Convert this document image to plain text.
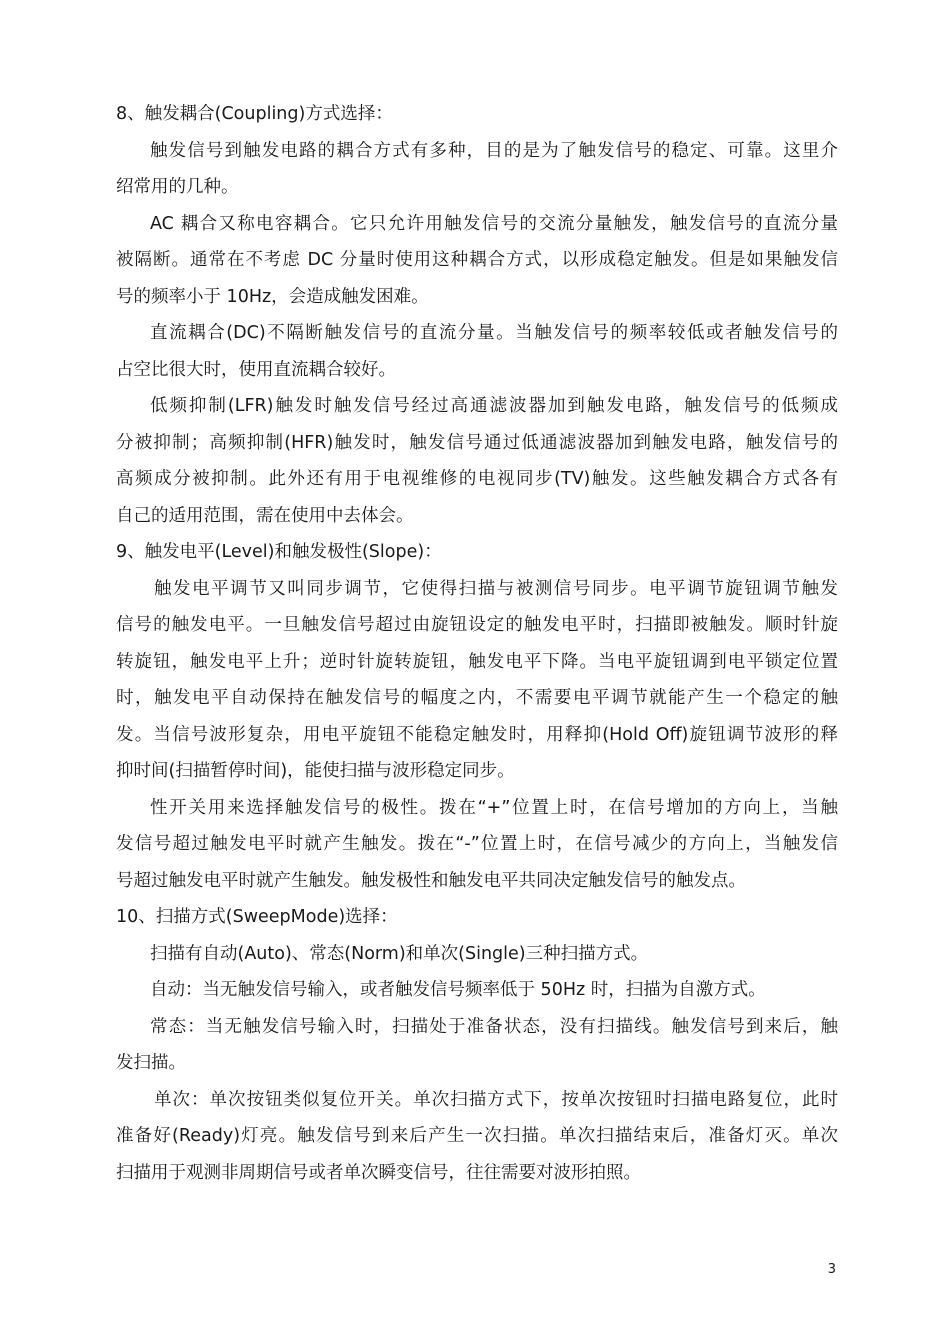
8、触发耦合(Coupling)方式选择：
触发信号到触发电路的耦合方式有多种，目的是为了触发信号的稳定、可靠。这里介
绍常用的几种。
AC 耦合又称电容耦合。它只允许用触发信号的交流分量触发，触发信号的直流分量
被隔断。通常在不考虑 DC 分量时使用这种耦合方式，以形成稳定触发。但是如果触发信
号的频率小于 10Hz，会造成触发困难。
直流耦合(DC)不隔断触发信号的直流分量。当触发信号的频率较低或者触发信号的
占空比很大时，使用直流耦合较好。
低频抑制(LFR)触发时触发信号经过高通滤波器加到触发电路，触发信号的低频成
分被抑制；高频抑制(HFR)触发时，触发信号通过低通滤波器加到触发电路，触发信号的
高频成分被抑制。此外还有用于电视维修的电视同步(TV)触发。这些触发耦合方式各有
自己的适用范围，需在使用中去体会。
9、触发电平(Level)和触发极性(Slope)：
触发电平调节又叫同步调节，它使得扫描与被测信号同步。电平调节旋钮调节触发
信号的触发电平。一旦触发信号超过由旋钮设定的触发电平时，扫描即被触发。顺时针旋
转旋钮，触发电平上升；逆时针旋转旋钮，触发电平下降。当电平旋钮调到电平锁定位置
时，触发电平自动保持在触发信号的幅度之内，不需要电平调节就能产生一个稳定的触
发。当信号波形复杂，用电平旋钮不能稳定触发时，用释抑(Hold Off)旋钮调节波形的释
抑时间(扫描暂停时间)，能使扫描与波形稳定同步。
性开关用来选择触发信号的极性。拨在“+”位置上时，在信号增加的方向上，当触
发信号超过触发电平时就产生触发。拨在“-”位置上时，在信号减少的方向上，当触发信
号超过触发电平时就产生触发。触发极性和触发电平共同决定触发信号的触发点。
10、扫描方式(SweepMode)选择：
扫描有自动(Auto)、常态(Norm)和单次(Single)三种扫描方式。
自动：当无触发信号输入，或者触发信号频率低于 50Hz 时，扫描为自激方式。
常态：当无触发信号输入时，扫描处于准备状态，没有扫描线。触发信号到来后，触
发扫描。
单次：单次按钮类似复位开关。单次扫描方式下，按单次按钮时扫描电路复位，此时
准备好(Ready)灯亮。触发信号到来后产生一次扫描。单次扫描结束后，准备灯灭。单次
扫描用于观测非周期信号或者单次瞬变信号，往往需要对波形拍照。
3
